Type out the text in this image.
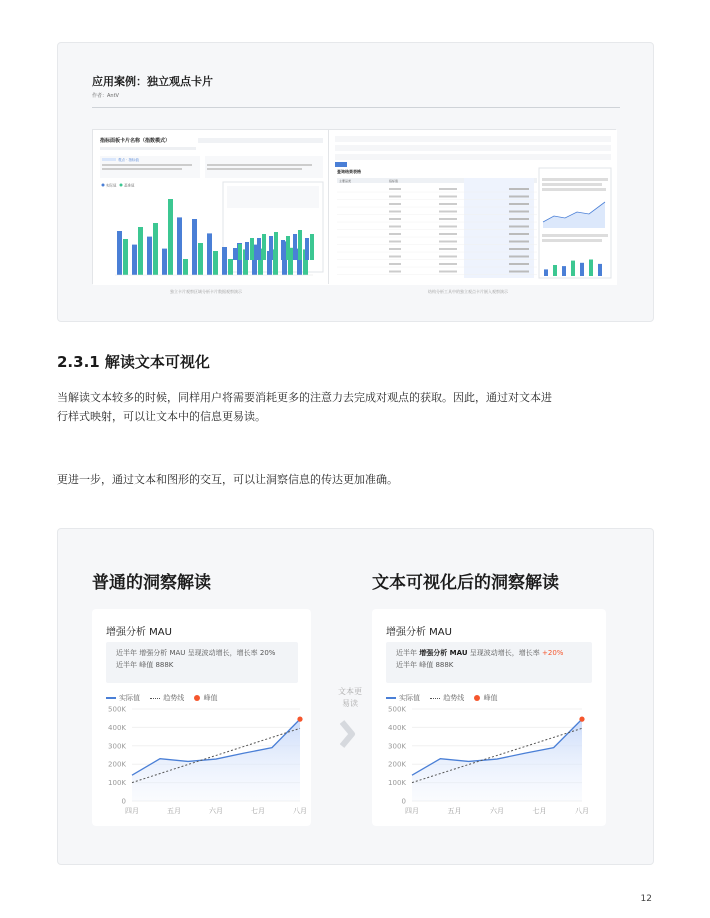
应用案例：独立观点卡片
作者：AntV
指标面板卡片名称（指数模式）
观点 · 指标值
实际值 基准值
查询结果表格
主要品类	指标值
独立卡片观察区域分析卡片数据观察演示	结构分析工具中的独立观点卡片嵌入观察演示
2.3.1 解读文本可视化
当解读文本较多的时候，同样用户将需要消耗更多的注意力去完成对观点的获取。因此，通过对文本进
行样式映射，可以让文本中的信息更易读。
更进一步，通过文本和图形的交互，可以让洞察信息的传达更加准确。
普通的洞察解读	文本可视化后的洞察解读
增强分析 MAU
近半年 增强分析 MAU 呈现波动增长，增长率 20%
近半年 峰值 888K
实际值	趋势线	峰值
0
100K
200K
300K
400K
500K
四月	五月	六月	七月	八月
文本更
易读
增强分析 MAU
近半年 增强分析 MAU 呈现波动增长，增长率 +20%
近半年 峰值 888K
实际值	趋势线	峰值
0
100K
200K
300K
400K
500K
四月	五月	六月	七月	八月
12
